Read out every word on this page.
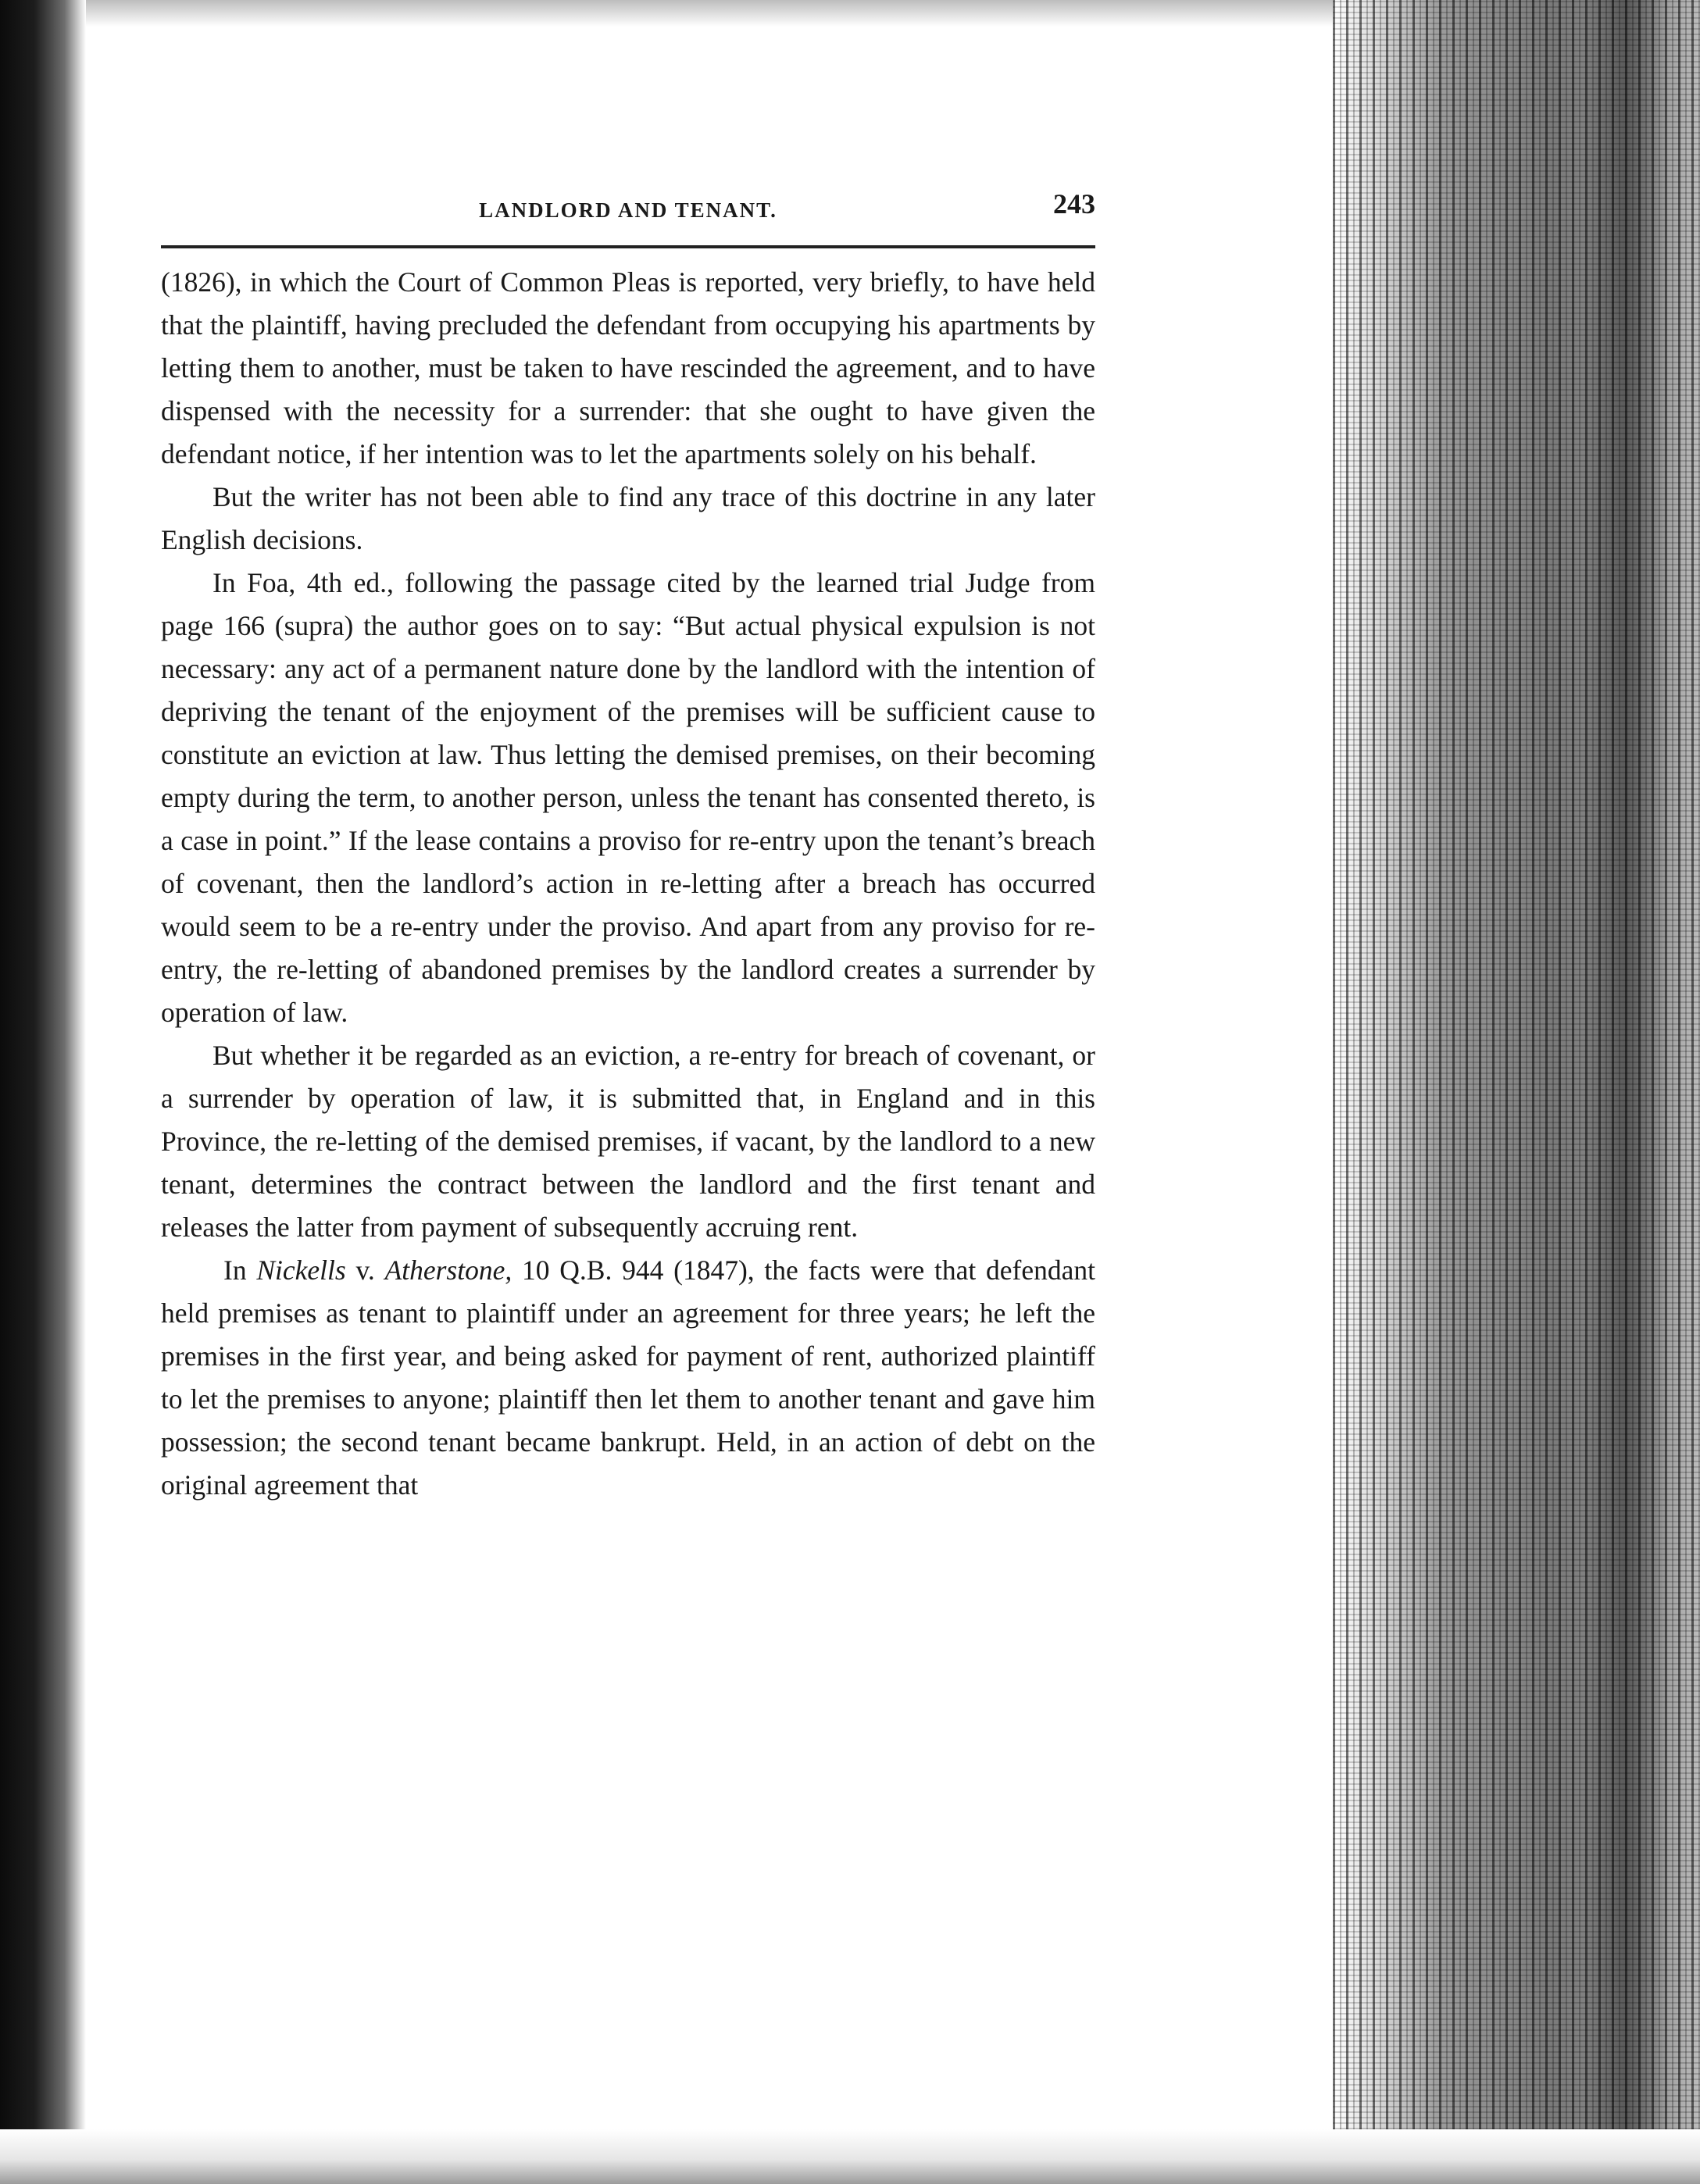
LANDLORD AND TENANT.	243

(1826), in which the Court of Common Pleas is reported, very briefly, to have held that the plaintiff, having precluded the defendant from occupying his apartments by letting them to another, must be taken to have rescinded the agreement, and to have dispensed with the necessity for a surrender: that she ought to have given the defendant notice, if her intention was to let the apartments solely on his behalf.

But the writer has not been able to find any trace of this doctrine in any later English decisions.

In Foa, 4th ed., following the passage cited by the learned trial Judge from page 166 (supra) the author goes on to say: “But actual physical expulsion is not necessary: any act of a permanent nature done by the landlord with the intention of depriving the tenant of the enjoyment of the premises will be sufficient cause to constitute an eviction at law. Thus letting the demised premises, on their becoming empty during the term, to another person, unless the tenant has consented thereto, is a case in point.” If the lease contains a proviso for re-entry upon the tenant’s breach of covenant, then the landlord’s action in re-letting after a breach has occurred would seem to be a re-entry under the proviso. And apart from any proviso for re-entry, the re-letting of abandoned premises by the landlord creates a surrender by operation of law.

But whether it be regarded as an eviction, a re-entry for breach of covenant, or a surrender by operation of law, it is submitted that, in England and in this Province, the re-letting of the demised premises, if vacant, by the landlord to a new tenant, determines the contract between the landlord and the first tenant and releases the latter from payment of subsequently accruing rent.

In Nickells v. Atherstone, 10 Q.B. 944 (1847), the facts were that defendant held premises as tenant to plaintiff under an agreement for three years; he left the premises in the first year, and being asked for payment of rent, authorized plaintiff to let the premises to anyone; plaintiff then let them to another tenant and gave him possession; the second tenant became bankrupt. Held, in an action of debt on the original agreement that
